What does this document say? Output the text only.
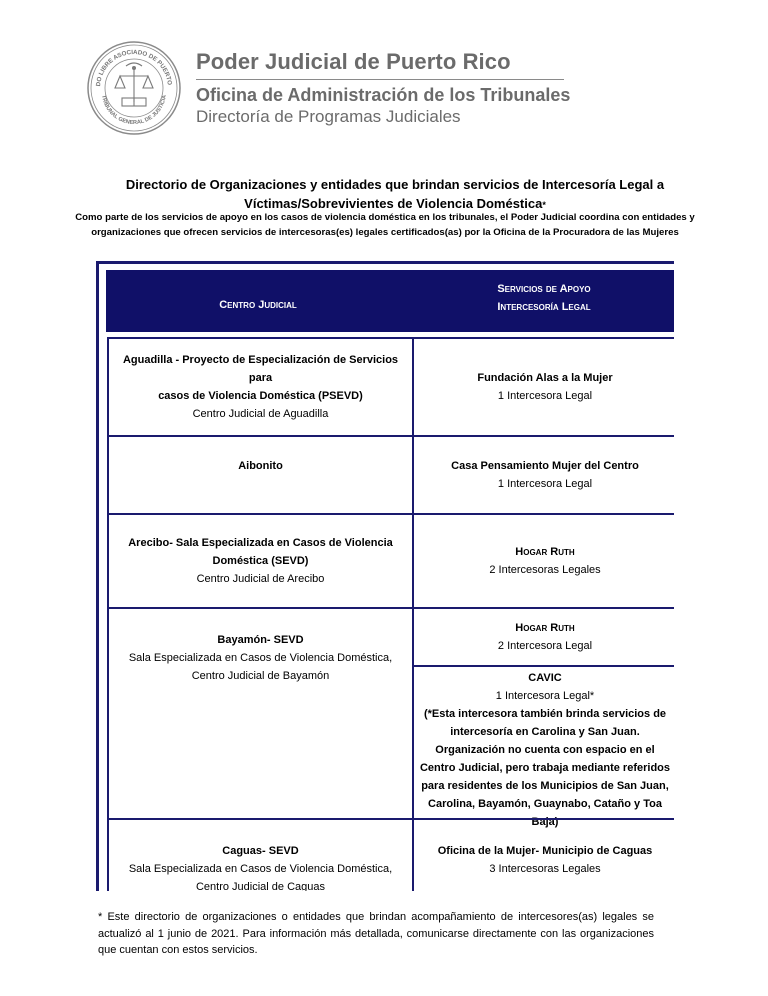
DO LIBRE ASOCIADO DE PUERTO
TRIBUNAL GENERAL DE JUSTICIA
Poder Judicial de Puerto Rico
Oficina de Administración de los Tribunales
Directoría de Programas Judiciales
Directorio de Organizaciones y entidades que brindan servicios de Intercesoría Legal a
Víctimas/Sobrevivientes de Violencia Doméstica*
Como parte de los servicios de apoyo en los casos de violencia doméstica en los tribunales, el Poder Judicial coordina con entidades y
organizaciones que ofrecen servicios de intercesoras(es) legales certificados(as) por la Oficina de la Procuradora de las Mujeres
Centro Judicial
Servicios de Apoyo
Intercesoría Legal
Aguadilla - Proyecto de Especialización de Servicios para
casos de Violencia Doméstica (PSEVD)
Centro Judicial de Aguadilla
Fundación Alas a la Mujer
1 Intercesora Legal
Aibonito	Casa Pensamiento Mujer del Centro
1 Intercesora Legal
Arecibo- Sala Especializada en Casos de Violencia
Doméstica (SEVD)
Centro Judicial de Arecibo
Hogar Ruth
2 Intercesoras Legales
Bayamón- SEVD
Sala Especializada en Casos de Violencia Doméstica,
Centro Judicial de Bayamón
Hogar Ruth
2 Intercesora Legal
CAVIC
1 Intercesora Legal*
(*Esta intercesora también brinda servicios de
intercesoría en Carolina y San Juan.
Organización no cuenta con espacio en el
Centro Judicial, pero trabaja mediante referidos
para residentes de los Municipios de San Juan,
Carolina, Bayamón, Guaynabo, Cataño y Toa
Baja)
Caguas- SEVD
Sala Especializada en Casos de Violencia Doméstica,
Centro Judicial de Caguas
Oficina de la Mujer- Municipio de Caguas
3 Intercesoras Legales
* Este directorio de organizaciones o entidades que brindan acompañamiento de intercesores(as) legales se actualizó al 1 junio de 2021. Para información más detallada, comunicarse directamente con las organizaciones que cuentan con estos servicios.
